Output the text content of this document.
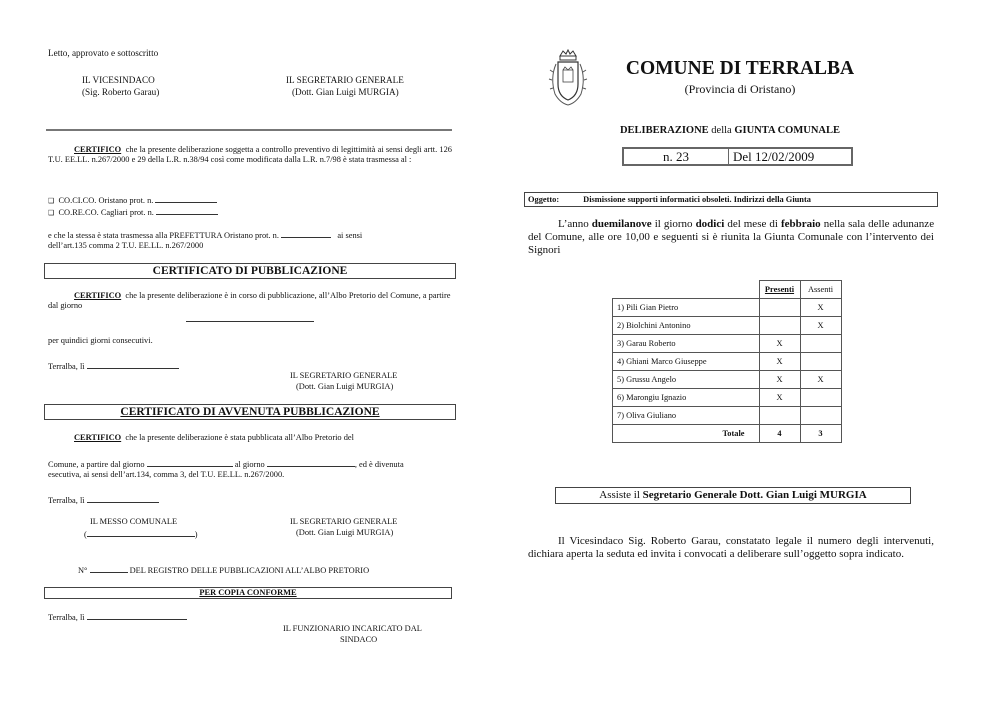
Letto, approvato e sottoscritto
IL VICESINDACO
(Sig. Roberto Garau)
IL SEGRETARIO GENERALE
(Dott. Gian Luigi MURGIA)
CERTIFICO che la presente deliberazione soggetta a controllo preventivo di legittimità ai sensi degli artt. 126 T.U. EE.LL. n.267/2000 e 29 della L.R. n.38/94 così come modificata dalla L.R. n.7/98 è stata trasmessa al :
❑ CO.CI.CO. Oristano prot. n.
❑ CO.RE.CO. Cagliari prot. n.
e che la stessa è stata trasmessa alla PREFETTURA Oristano prot. n.	ai sensi
dell’art.135 comma 2 T.U. EE.LL. n.267/2000
CERTIFICATO DI PUBBLICAZIONE
CERTIFICO che la presente deliberazione è in corso di pubblicazione, all’Albo Pretorio del Comune, a partire dal giorno
per quindici giorni consecutivi.
Terralba, lì
IL SEGRETARIO GENERALE
(Dott. Gian Luigi MURGIA)
CERTIFICATO DI AVVENUTA PUBBLICAZIONE
CERTIFICO che la presente deliberazione è stata pubblicata all’Albo Pretorio del
Comune, a partire dal giorno	al giorno	, ed è divenuta
esecutiva, ai sensi dell’art.134, comma 3, del T.U. EE.LL. n.267/2000.
Terralba, lì
IL MESSO COMUNALE
(	)
IL SEGRETARIO GENERALE
(Dott. Gian Luigi MURGIA)
N°	DEL REGISTRO DELLE PUBBLICAZIONI ALL’ALBO PRETORIO
PER COPIA CONFORME
Terralba, lì
IL FUNZIONARIO INCARICATO DAL
SINDACO
COMUNE DI TERRALBA
(Provincia di Oristano)
DELIBERAZIONE della GIUNTA COMUNALE
n. 23	Del 12/02/2009
Oggetto:	Dismissione supporti informatici obsoleti. Indirizzi della Giunta
L’anno duemilanove il giorno dodici del mese di febbraio nella sala delle adunanze del Comune, alle ore 10,00 e seguenti si è riunita la Giunta Comunale con l’intervento dei Signori
	Presenti	Assenti
1) Pili Gian Pietro		X
2) Biolchini Antonino		X
3) Garau Roberto	X	
4) Ghiani Marco Giuseppe	X	
5) Grussu Angelo	X	X
6) Marongiu Ignazio	X	
7) Oliva Giuliano		
Totale	4	3
Assiste il Segretario Generale Dott. Gian Luigi MURGIA
Il Vicesindaco Sig. Roberto Garau, constatato legale il numero degli intervenuti, dichiara aperta la seduta ed invita i convocati a deliberare sull’oggetto sopra indicato.
